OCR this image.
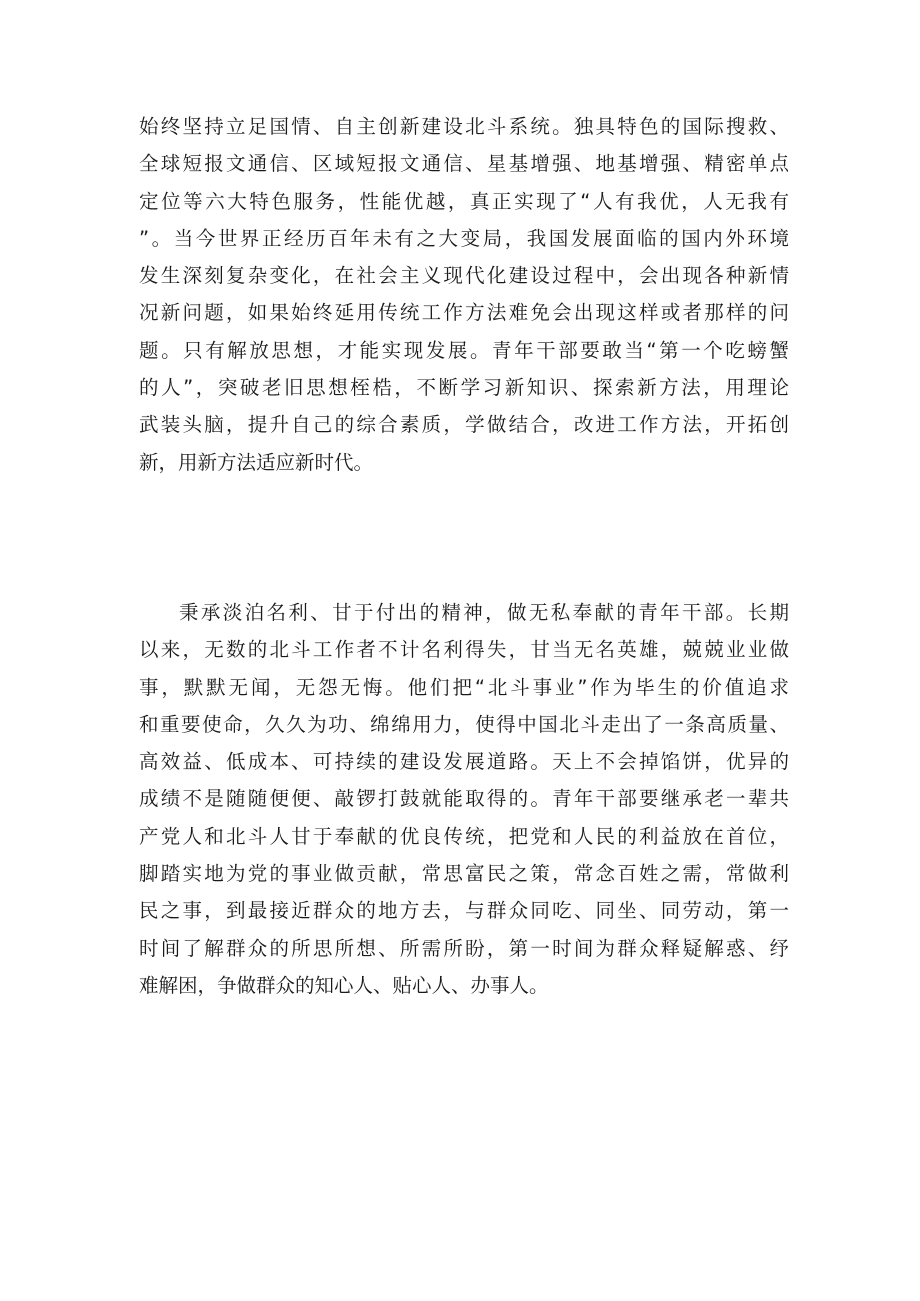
始终坚持立足国情、自主创新建设北斗系统。独具特色的国际搜救、
全球短报文通信、区域短报文通信、星基增强、地基增强、精密单点
定位等六大特色服务，性能优越，真正实现了“人有我优，人无我有
”。当今世界正经历百年未有之大变局，我国发展面临的国内外环境
发生深刻复杂变化，在社会主义现代化建设过程中，会出现各种新情
况新问题，如果始终延用传统工作方法难免会出现这样或者那样的问
题。只有解放思想，才能实现发展。青年干部要敢当“第一个吃螃蟹
的人”，突破老旧思想桎梏，不断学习新知识、探索新方法，用理论
武装头脑，提升自己的综合素质，学做结合，改进工作方法，开拓创
新，用新方法适应新时代。
秉承淡泊名利、甘于付出的精神，做无私奉献的青年干部。长期
以来，无数的北斗工作者不计名利得失，甘当无名英雄，兢兢业业做
事，默默无闻，无怨无悔。他们把“北斗事业”作为毕生的价值追求
和重要使命，久久为功、绵绵用力，使得中国北斗走出了一条高质量、
高效益、低成本、可持续的建设发展道路。天上不会掉馅饼，优异的
成绩不是随随便便、敲锣打鼓就能取得的。青年干部要继承老一辈共
产党人和北斗人甘于奉献的优良传统，把党和人民的利益放在首位，
脚踏实地为党的事业做贡献，常思富民之策，常念百姓之需，常做利
民之事，到最接近群众的地方去，与群众同吃、同坐、同劳动，第一
时间了解群众的所思所想、所需所盼，第一时间为群众释疑解惑、纾
难解困，争做群众的知心人、贴心人、办事人。
